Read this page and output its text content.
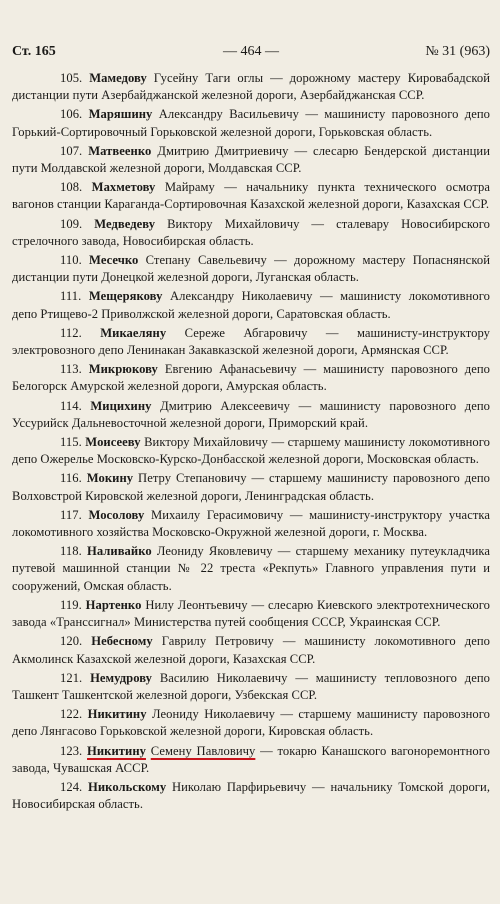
Ст. 165	— 464 —	№ 31 (963)

105. Мамедову Гусейну Таги оглы — дорожному мастеру Кировабадской дистанции пути Азербайджанской железной дороги, Азербайджанская ССР.

106. Маряшину Александру Васильевичу — машинисту паровозного депо Горький-Сортировочный Горьковской железной дороги, Горьковская область.

107. Матвеенко Дмитрию Дмитриевичу — слесарю Бендерской дистанции пути Молдавской железной дороги, Молдавская ССР.

108. Махметову Майраму — начальнику пункта технического осмотра вагонов станции Караганда-Сортировочная Казахской железной дороги, Казахская ССР.

109. Медведеву Виктору Михайловичу — сталевару Новосибирского стрелочного завода, Новосибирская область.

110. Месечко Степану Савельевичу — дорожному мастеру Попаснянской дистанции пути Донецкой железной дороги, Луганская область.

111. Мещерякову Александру Николаевичу — машинисту локомотивного депо Ртищево-2 Приволжской железной дороги, Саратовская область.

112. Микаеляну Сереже Абгаровичу — машинисту-инструктору электровозного депо Ленинакан Закавказской железной дороги, Армянская ССР.

113. Микрюкову Евгению Афанасьевичу — машинисту паровозного депо Белогорск Амурской железной дороги, Амурская область.

114. Мицихину Дмитрию Алексеевичу — машинисту паровозного депо Уссурийск Дальневосточной железной дороги, Приморский край.

115. Моисееву Виктору Михайловичу — старшему машинисту локомотивного депо Ожерелье Московско-Курско-Донбасской железной дороги, Московская область.

116. Мокину Петру Степановичу — старшему машинисту паровозного депо Волховстрой Кировской железной дороги, Ленинградская область.

117. Мосолову Михаилу Герасимовичу — машинисту-инструктору участка локомотивного хозяйства Московско-Окружной железной дороги, г. Москва.

118. Наливайко Леониду Яковлевичу — старшему механику путеукладчика путевой машинной станции № 22 треста «Рекпуть» Главного управления пути и сооружений, Омская область.

119. Нартенко Нилу Леонтьевичу — слесарю Киевского электротехнического завода «Транссигнал» Министерства путей сообщения СССР, Украинская ССР.

120. Небесному Гаврилу Петровичу — машинисту локомотивного депо Акмолинск Казахской железной дороги, Казахская ССР.

121. Немудрову Василию Николаевичу — машинисту тепловозного депо Ташкент Ташкентской железной дороги, Узбекская ССР.

122. Никитину Леониду Николаевичу — старшему машинисту паровозного депо Лянгасово Горьковской железной дороги, Кировская область.

123. Никитину Семену Павловичу — токарю Канашского вагоноремонтного завода, Чувашская АССР.

124. Никольскому Николаю Парфирьевичу — начальнику Томской дороги, Новосибирская область.
